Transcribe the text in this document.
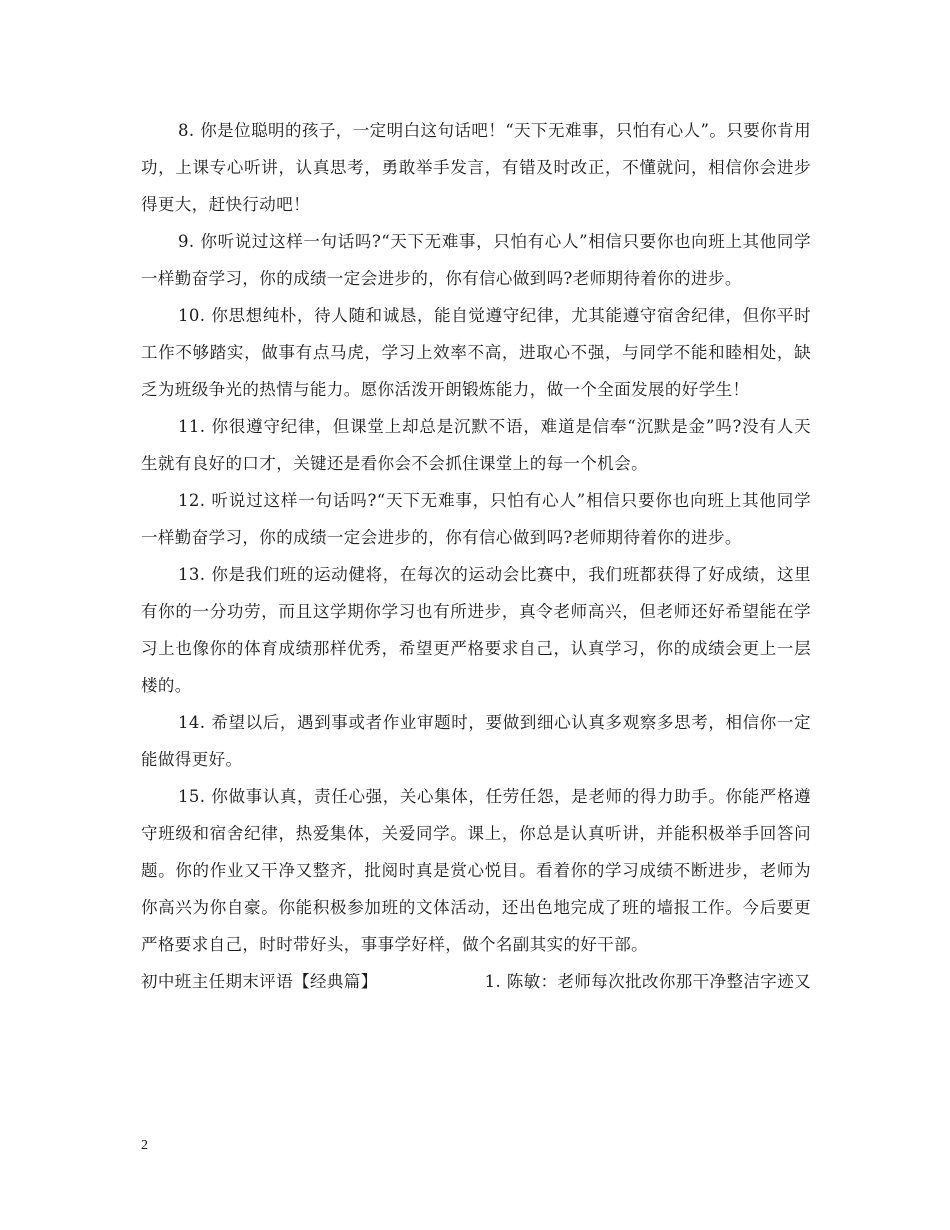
8. 你是位聪明的孩子，一定明白这句话吧！“天下无难事，只怕有心人”。只要你肯用功，上课专心听讲，认真思考，勇敢举手发言，有错及时改正，不懂就问，相信你会进步得更大，赶快行动吧！

9. 你听说过这样一句话吗?“天下无难事，只怕有心人”相信只要你也向班上其他同学一样勤奋学习，你的成绩一定会进步的，你有信心做到吗?老师期待着你的进步。

10. 你思想纯朴，待人随和诚恳，能自觉遵守纪律，尤其能遵守宿舍纪律，但你平时工作不够踏实，做事有点马虎，学习上效率不高，进取心不强，与同学不能和睦相处，缺乏为班级争光的热情与能力。愿你活泼开朗锻炼能力，做一个全面发展的好学生！

11. 你很遵守纪律，但课堂上却总是沉默不语，难道是信奉“沉默是金”吗?没有人天生就有良好的口才，关键还是看你会不会抓住课堂上的每一个机会。

12. 听说过这样一句话吗?“天下无难事，只怕有心人”相信只要你也向班上其他同学一样勤奋学习，你的成绩一定会进步的，你有信心做到吗?老师期待着你的进步。

13. 你是我们班的运动健将，在每次的运动会比赛中，我们班都获得了好成绩，这里有你的一分功劳，而且这学期你学习也有所进步，真令老师高兴，但老师还好希望能在学习上也像你的体育成绩那样优秀，希望更严格要求自己，认真学习，你的成绩会更上一层楼的。

14. 希望以后，遇到事或者作业审题时，要做到细心认真多观察多思考，相信你一定能做得更好。

15. 你做事认真，责任心强，关心集体，任劳任怨，是老师的得力助手。你能严格遵守班级和宿舍纪律，热爱集体，关爱同学。课上，你总是认真听讲，并能积极举手回答问题。你的作业又干净又整齐，批阅时真是赏心悦目。看着你的学习成绩不断进步，老师为你高兴为你自豪。你能积极参加班的文体活动，还出色地完成了班的墙报工作。今后要更严格要求自己，时时带好头，事事学好样，做个名副其实的好干部。

初中班主任期末评语【经典篇】	1. 陈敏：老师每次批改你那干净整洁字迹又
2
